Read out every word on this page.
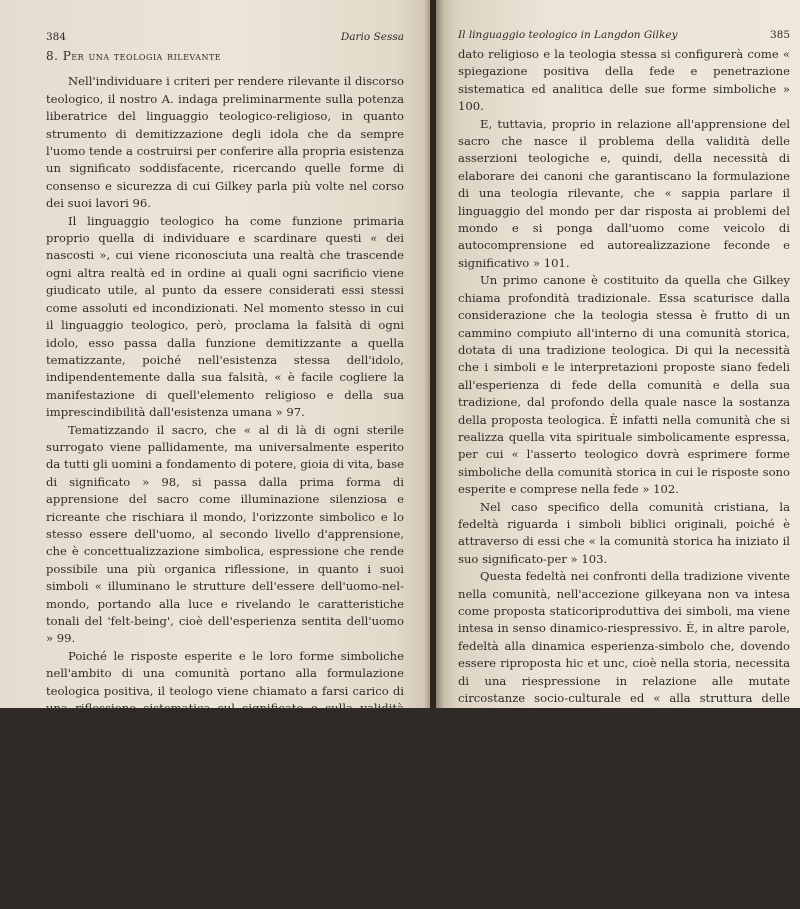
384	Dario Sessa
8. Per una teologia rilevante

Nell'individuare i criteri per rendere rilevante il discorso teologico, il nostro A. indaga preliminarmente sulla potenza liberatrice del linguaggio teologico-religioso, in quanto strumento di demitizzazione degli idola che da sempre l'uomo tende a costruirsi per conferire alla propria esistenza un significato soddisfacente, ricercando quelle forme di consenso e sicurezza di cui Gilkey parla più volte nel corso dei suoi lavori 96.

Il linguaggio teologico ha come funzione primaria proprio quella di individuare e scardinare questi « dei nascosti », cui viene riconosciuta una realtà che trascende ogni altra realtà ed in ordine ai quali ogni sacrificio viene giudicato utile, al punto da essere considerati essi stessi come assoluti ed incondizionati. Nel momento stesso in cui il linguaggio teologico, però, proclama la falsità di ogni idolo, esso passa dalla funzione demitizzante a quella tematizzante, poiché nell'esistenza stessa dell'idolo, indipendentemente dalla sua falsità, « è facile cogliere la manifestazione di quell'elemento religioso e della sua imprescindibilità dall'esistenza umana » 97.

Tematizzando il sacro, che « al di là di ogni sterile surrogato viene pallidamente, ma universalmente esperito da tutti gli uomini a fondamento di potere, gioia di vita, base di significato » 98, si passa dalla prima forma di apprensione del sacro come illuminazione silenziosa e ricreante che rischiara il mondo, l'orizzonte simbolico e lo stesso essere dell'uomo, al secondo livello d'apprensione, che è concettualizzazione simbolica, espressione che rende possibile una più organica riflessione, in quanto i suoi simboli « illuminano le strutture dell'essere dell'uomo-nel-mondo, portando alla luce e rivelando le caratteristiche tonali del 'felt-being', cioè dell'esperienza sentita dell'uomo » 99.

Poiché le risposte esperite e le loro forme simboliche nell'ambito di una comunità portano alla formulazione teologica positiva, il teologo viene chiamato a farsi carico di una riflessione sistematica sul significato e sulla validità delle forme simboliche riguardanti il

96 The Renewal, 311. A tal proposito cf L. Gilkey, Shantoung Compound, cit.; Cf J. Ratzinger, Introduzione al cristianesimo, Brescia 1969, 73-77.
97 Ib., 311.
98 Ib., 314. Sulla duplice funzione del linguaggio teologico demitizzante e tematizzante cf Ib. 438 ss.
99 Ib., 316.
Il linguaggio teologico in Langdon Gilkey	385

dato religioso e la teologia stessa si configurerà come « spiegazione positiva della fede e penetrazione sistematica ed analitica delle sue forme simboliche » 100.

E, tuttavia, proprio in relazione all'apprensione del sacro che nasce il problema della validità delle asserzioni teologiche e, quindi, della necessità di elaborare dei canoni che garantiscano la formulazione di una teologia rilevante, che « sappia parlare il linguaggio del mondo per dar risposta ai problemi del mondo e si ponga dall'uomo come veicolo di autocomprensione ed autorealizzazione feconde e significativo » 101.

Un primo canone è costituito da quella che Gilkey chiama profondità tradizionale. Essa scaturisce dalla considerazione che la teologia stessa è frutto di un cammino compiuto all'interno di una comunità storica, dotata di una tradizione teologica. Di qui la necessità che i simboli e le interpretazioni proposte siano fedeli all'esperienza di fede della comunità e della sua tradizione, dal profondo della quale nasce la sostanza della proposta teologica. È infatti nella comunità che si realizza quella vita spirituale simbolicamente espressa, per cui « l'asserto teologico dovrà esprimere forme simboliche della comunità storica in cui le risposte sono esperite e comprese nella fede » 102.

Nel caso specifico della comunità cristiana, la fedeltà riguarda i simboli biblici originali, poiché è attraverso di essi che « la comunità storica ha iniziato il suo significato-per » 103.

Questa fedeltà nei confronti della tradizione vivente nella comunità, nell'accezione gilkeyana non va intesa come proposta staticoriproduttiva dei simboli, ma viene intesa in senso dinamico-riespressivo. È, in altre parole, fedeltà alla dinamica esperienza-simbolo che, dovendo essere riproposta hic et unc, cioè nella storia, necessita di una riespressione in relazione alle mutate circostanze socio-culturale ed « alla struttura delle attitudini della comunità verso Dio, il mondo e la storia » 104.

Un secondo canone è chiamato da Gilkey concretezza esistenziale. Esso nasce dalla considerazione che i simboli non debbono mai cessare di essere posti in stretta relazione con l'esperienza secolare.

100 Ib., 455.
101 Ib., 450.
102 Ib., 459.
103 Ib., 460.
104 Ib., 461.
